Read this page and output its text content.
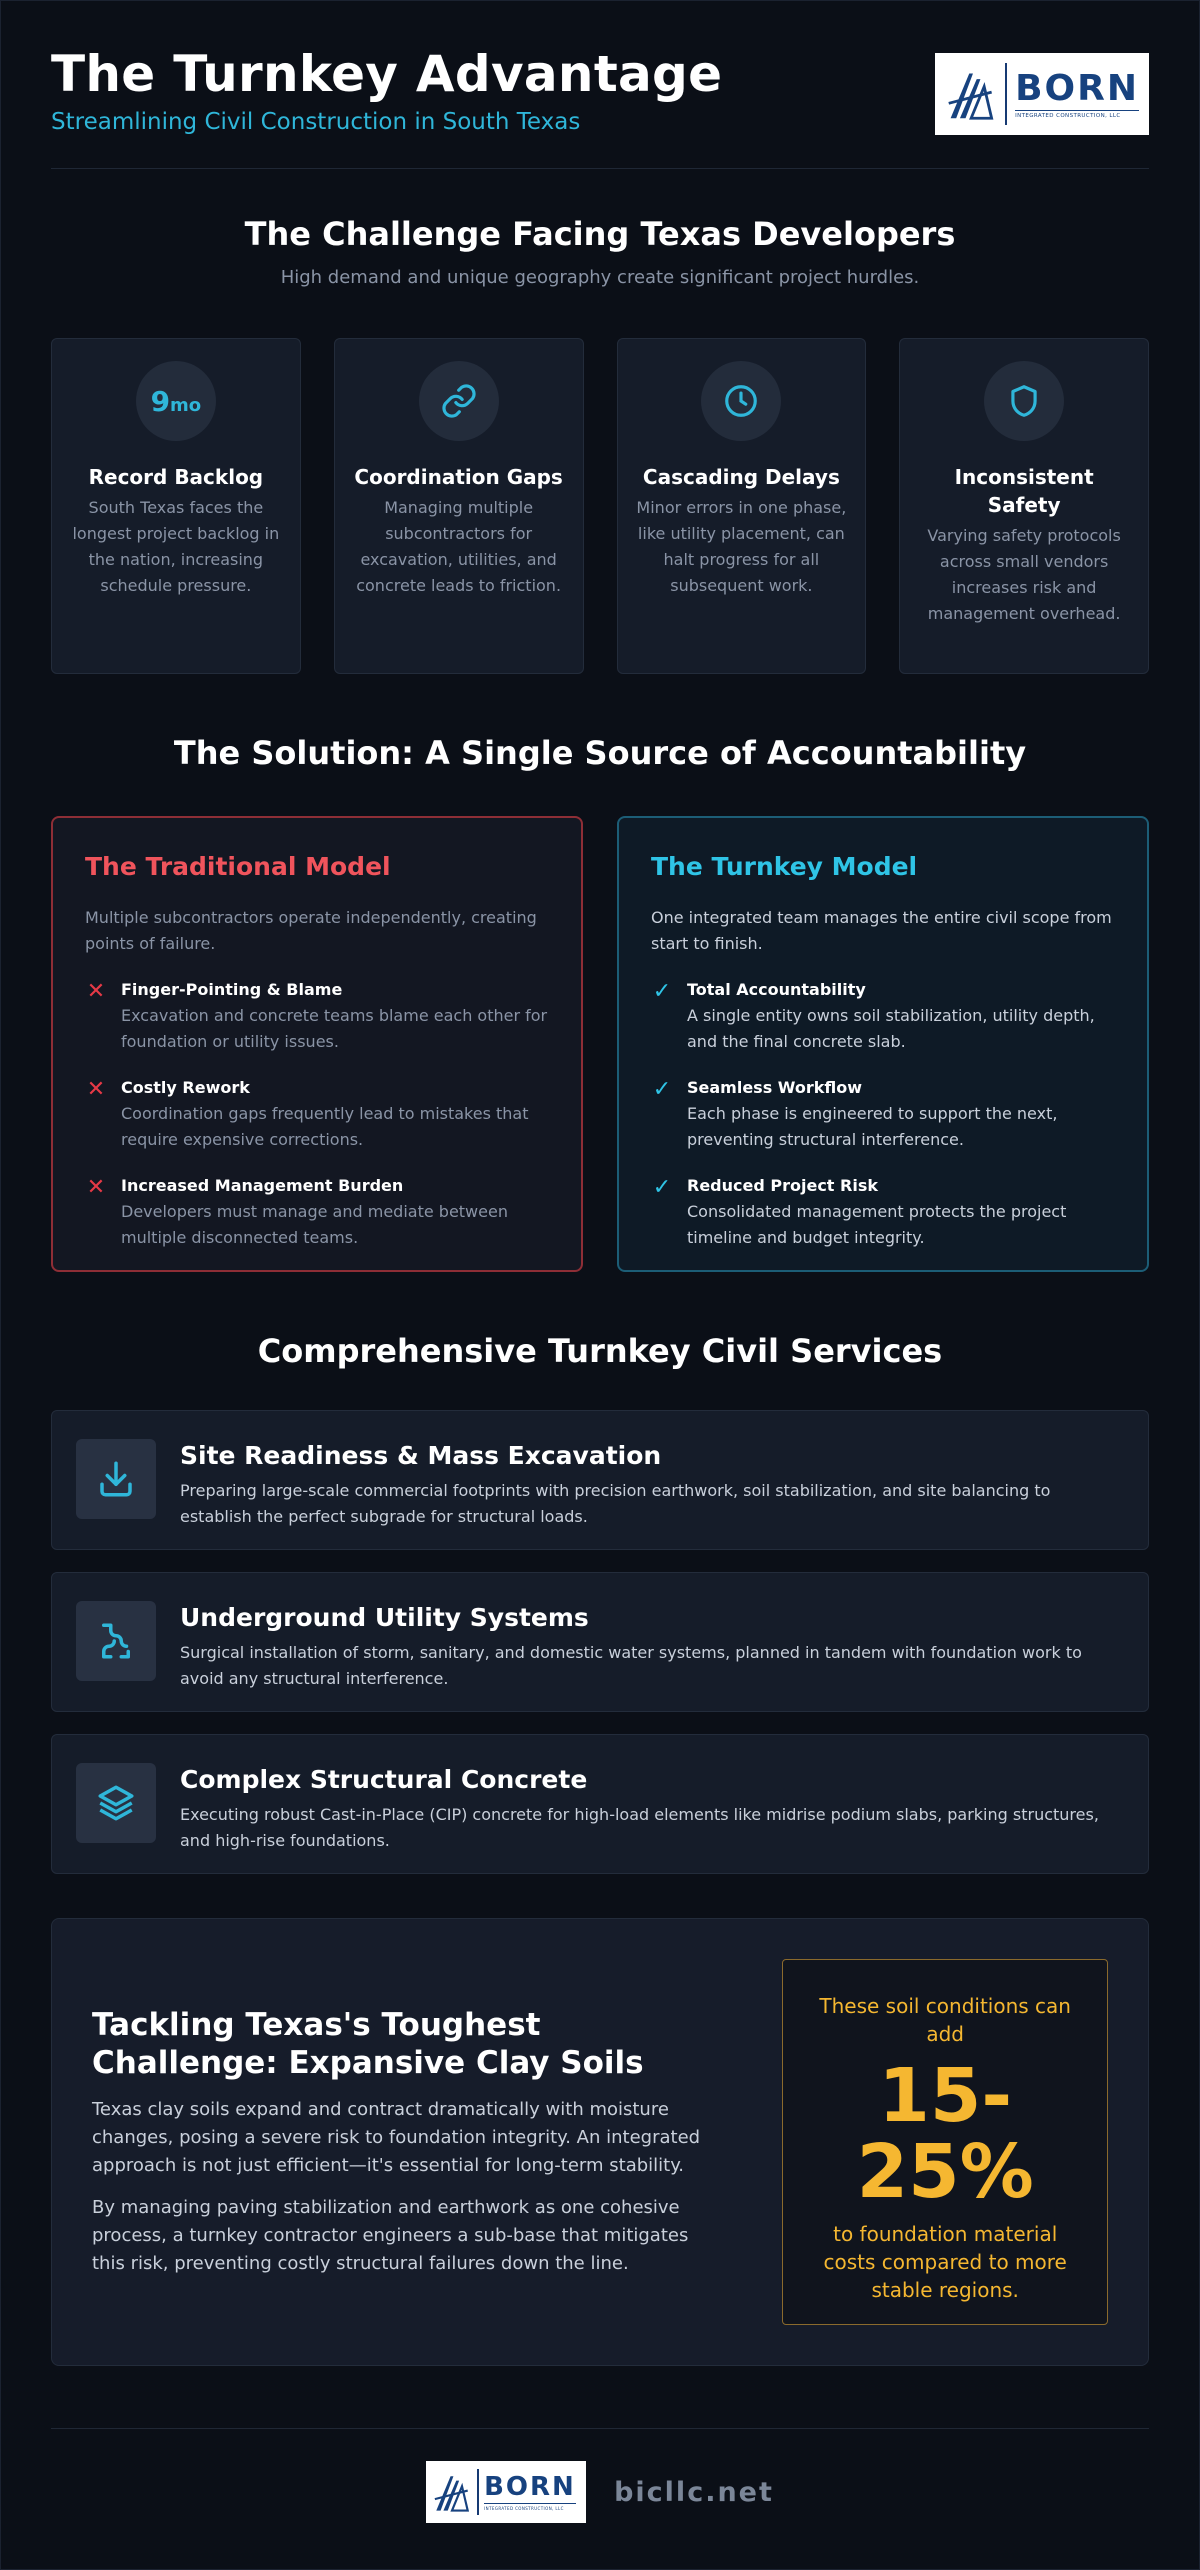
The Turnkey Advantage
Streamlining Civil Construction in South Texas
BORN
INTEGRATED CONSTRUCTION, LLC
The Challenge Facing Texas Developers
High demand and unique geography create significant project hurdles.
9mo
Record Backlog

South Texas faces the longest project backlog in the nation, increasing schedule pressure.

Coordination Gaps

Managing multiple subcontractors for excavation, utilities, and concrete leads to friction.

Cascading Delays

Minor errors in one phase, like utility placement, can halt progress for all subsequent work.

Inconsistent Safety

Varying safety protocols across small vendors increases risk and management overhead.

The Solution: A Single Source of Accountability
The Traditional Model
Multiple subcontractors operate independently, creating points of failure.
✕ Finger-Pointing & Blame

Excavation and concrete teams blame each other for foundation or utility issues.

✕ Costly Rework

Coordination gaps frequently lead to mistakes that require expensive corrections.

✕ Increased Management Burden

Developers must manage and mediate between multiple disconnected teams.

The Turnkey Model
One integrated team manages the entire civil scope from start to finish.
✓ Total Accountability

A single entity owns soil stabilization, utility depth, and the final concrete slab.

✓ Seamless Workflow

Each phase is engineered to support the next, preventing structural interference.

✓ Reduced Project Risk

Consolidated management protects the project timeline and budget integrity.

Comprehensive Turnkey Civil Services
Site Readiness & Mass Excavation

Preparing large-scale commercial footprints with precision earthwork, soil stabilization, and site balancing to establish the perfect subgrade for structural loads.

Underground Utility Systems

Surgical installation of storm, sanitary, and domestic water systems, planned in tandem with foundation work to avoid any structural interference.

Complex Structural Concrete

Executing robust Cast-in-Place (CIP) concrete for high-load elements like midrise podium slabs, parking structures, and high-rise foundations.

Tackling Texas's Toughest Challenge: Expansive Clay Soils

Texas clay soils expand and contract dramatically with moisture changes, posing a severe risk to foundation integrity. An integrated approach is not just efficient—it's essential for long-term stability.

By managing paving stabilization and earthwork as one cohesive process, a turnkey contractor engineers a sub-base that mitigates this risk, preventing costly structural failures down the line.

These soil conditions can add
15-25%
to foundation material costs compared to more stable regions.
BORN
INTEGRATED CONSTRUCTION, LLC
bicllc.net
